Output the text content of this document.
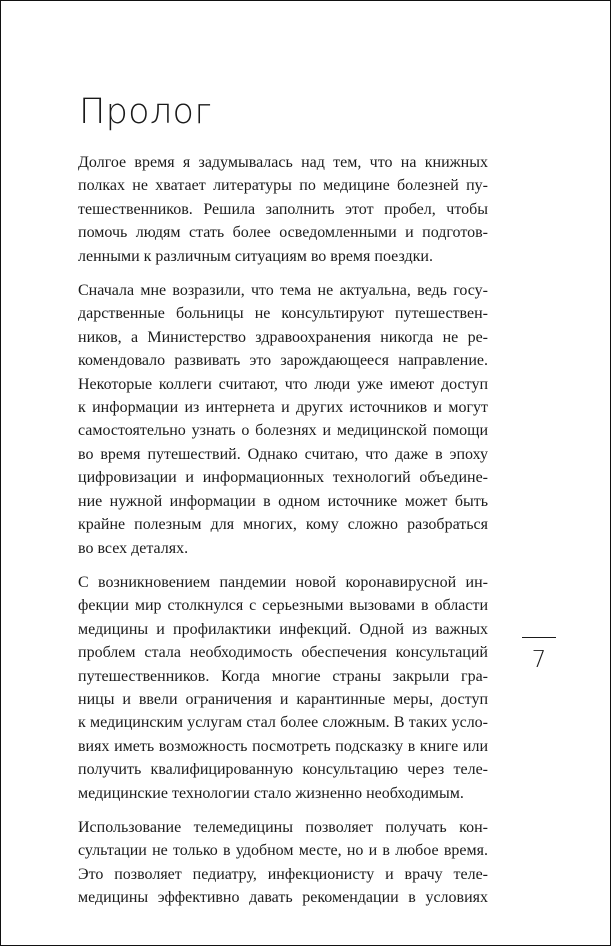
Пролог

Долгое время я задумывалась над тем, что на книжных
полках не хватает литературы по медицине болезней пу-
тешественников. Решила заполнить этот пробел, чтобы
помочь людям стать более осведомленными и подготов-
ленными к различным ситуациям во время поездки.

Сначала мне возразили, что тема не актуальна, ведь госу-
дарственные больницы не консультируют путешествен-
ников, а Министерство здравоохранения никогда не ре-
комендовало развивать это зарождающееся направление.
Некоторые коллеги считают, что люди уже имеют доступ
к информации из интернета и других источников и могут
самостоятельно узнать о болезнях и медицинской помощи
во время путешествий. Однако считаю, что даже в эпоху
цифровизации и информационных технологий объедине-
ние нужной информации в одном источнике может быть
крайне полезным для многих, кому сложно разобраться
во всех деталях.

С возникновением пандемии новой коронавирусной ин-
фекции мир столкнулся с серьезными вызовами в области
медицины и профилактики инфекций. Одной из важных
проблем стала необходимость обеспечения консультаций
путешественников. Когда многие страны закрыли гра-
ницы и ввели ограничения и карантинные меры, доступ
к медицинским услугам стал более сложным. В таких усло-
виях иметь возможность посмотреть подсказку в книге или
получить квалифицированную консультацию через теле-
медицинские технологии стало жизненно необходимым.

Использование телемедицины позволяет получать кон-
сультации не только в удобном месте, но и в любое время.
Это позволяет педиатру, инфекционисту и врачу теле-
медицины эффективно давать рекомендации в условиях

7
